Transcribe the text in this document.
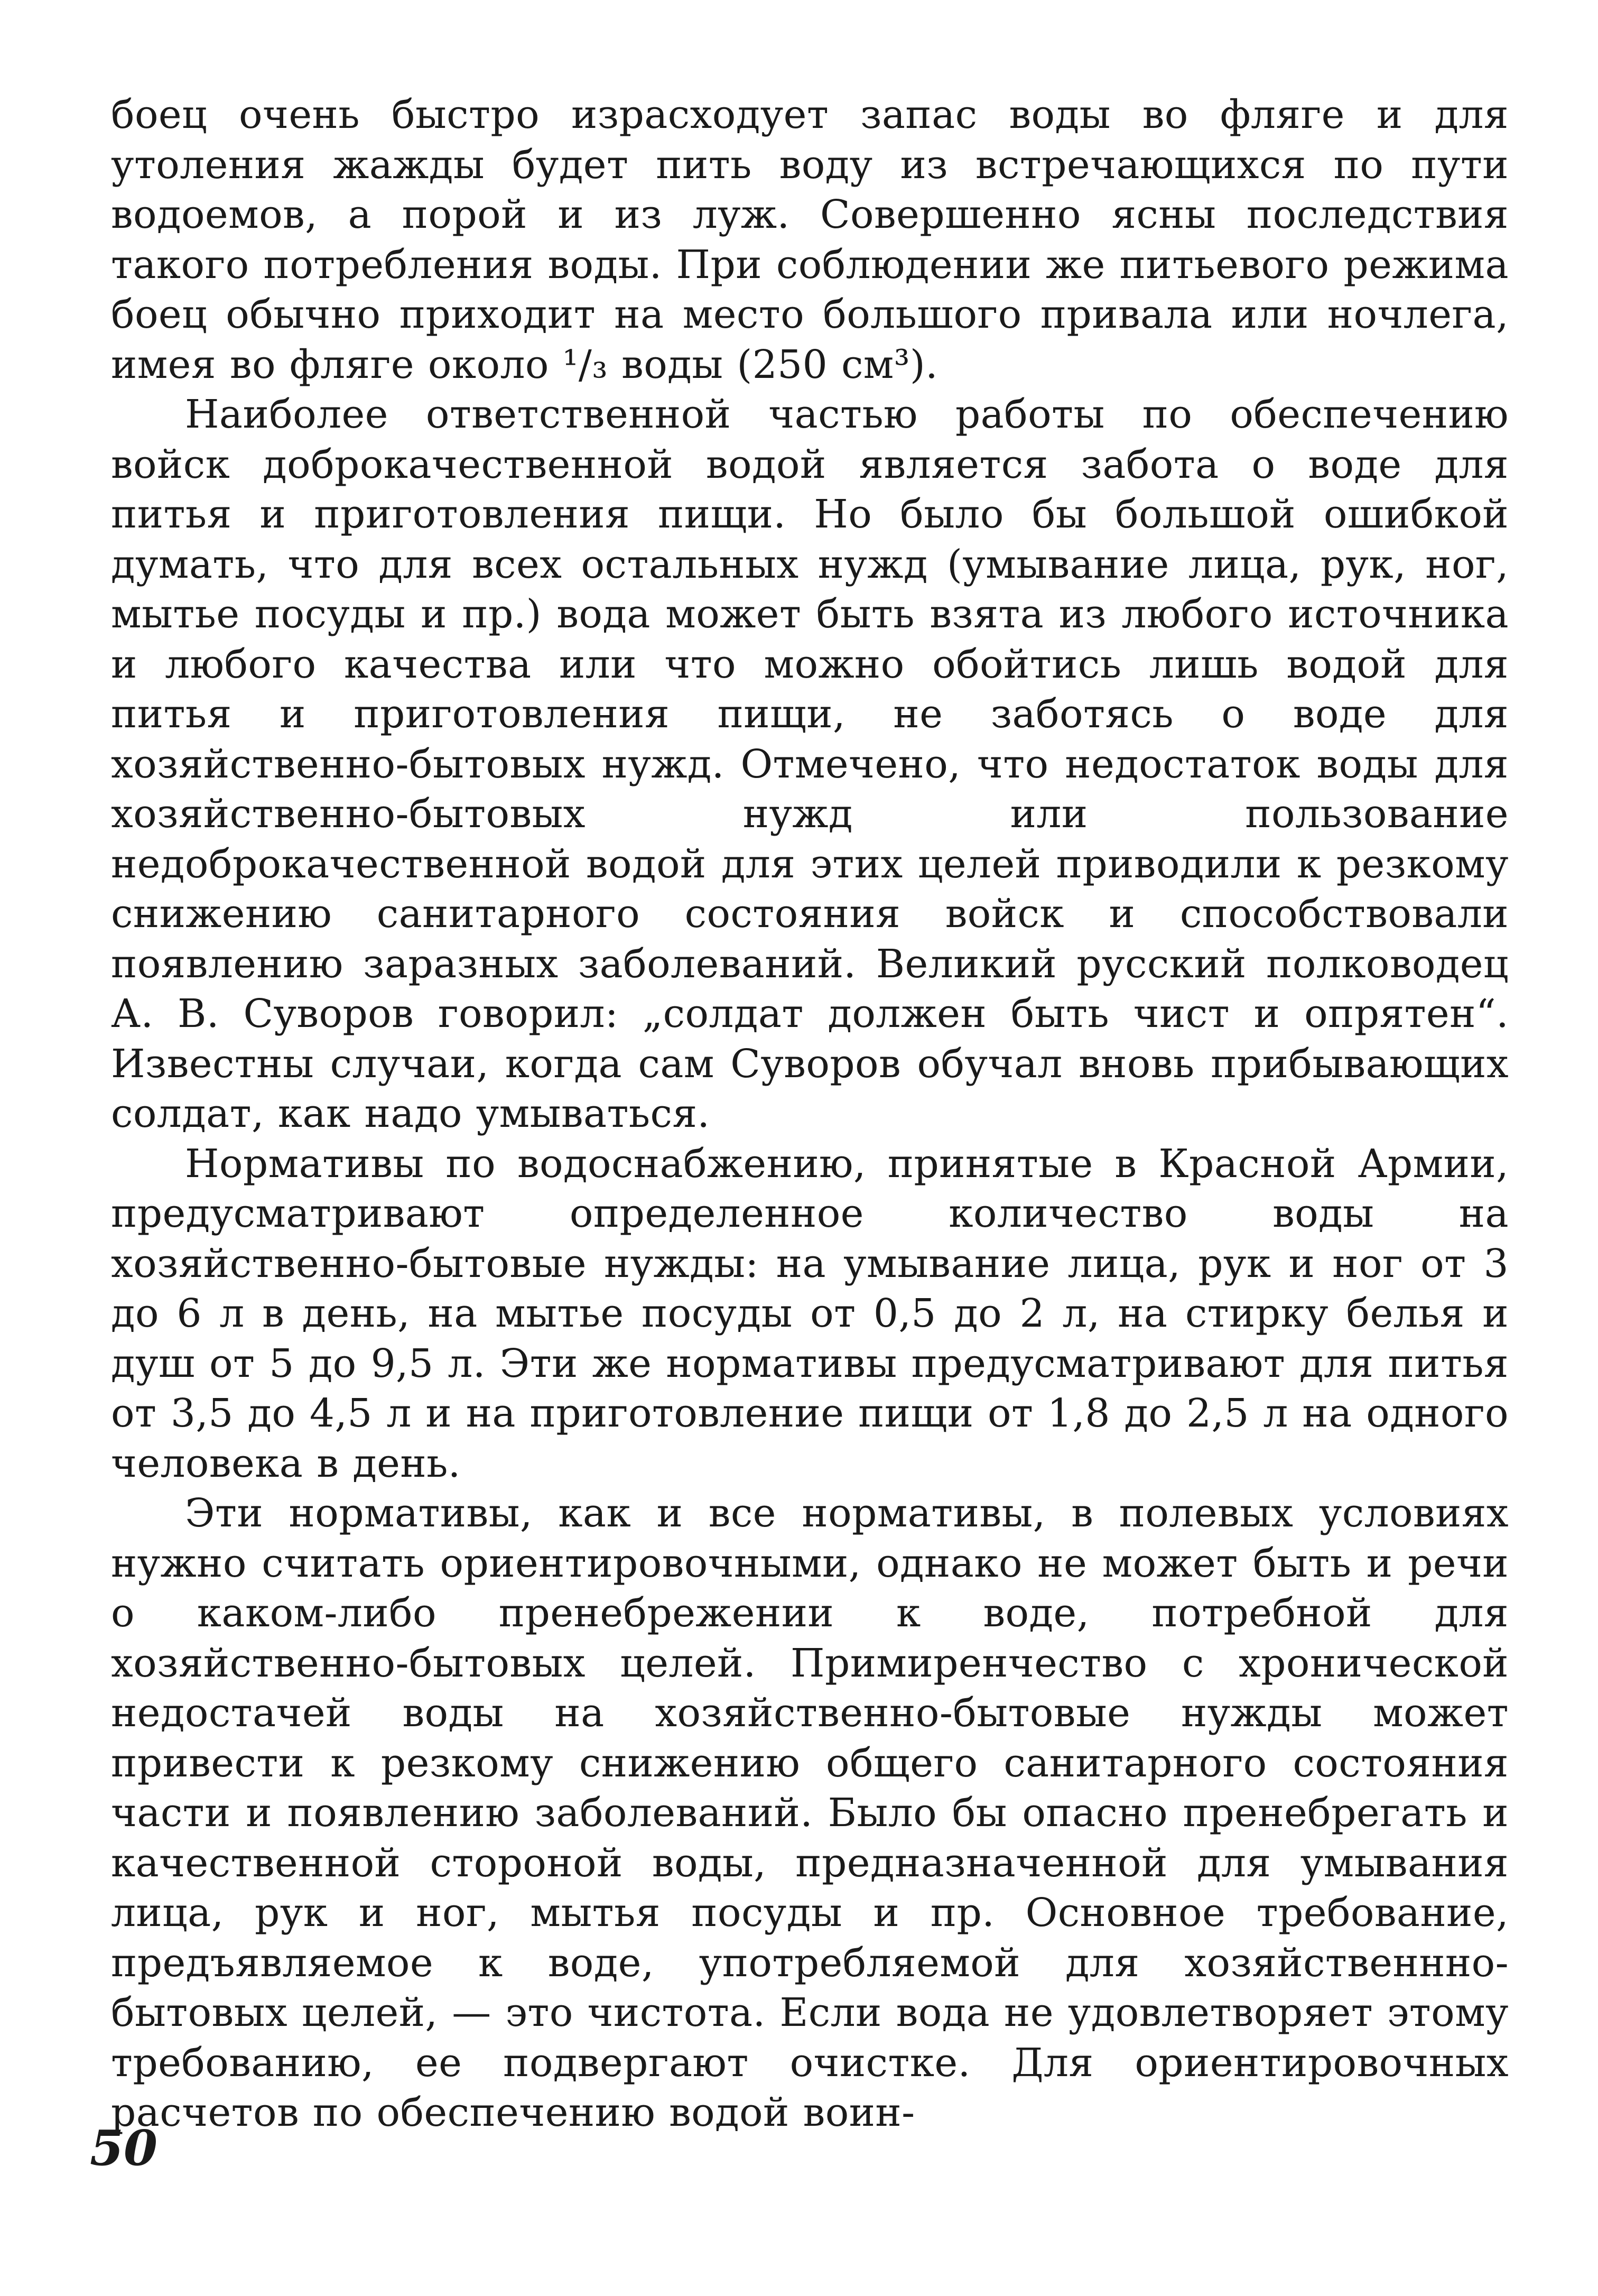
боец очень быстро израсходует запас воды во фляге и для утоления жажды будет пить воду из встречающихся по пути водоемов, а порой и из луж. Совершенно ясны последствия такого потребления воды. При соблюдении же питьевого режима боец обычно приходит на место большого привала или ночлега, имея во фляге около ¹/₃ воды (250 см³).

Наиболее ответственной частью работы по обеспечению войск доброкачественной водой является забота о воде для питья и приготовления пищи. Но было бы большой ошибкой думать, что для всех остальных нужд (умывание лица, рук, ног, мытье посуды и пр.) вода может быть взята из любого источника и любого качества или что можно обойтись лишь водой для питья и приготовления пищи, не заботясь о воде для хозяйственно-бытовых нужд. Отмечено, что недостаток воды для хозяйственно-бытовых нужд или пользование недоброкачественной водой для этих целей приводили к резкому снижению санитарного состояния войск и способствовали появлению заразных заболеваний. Великий русский полководец А. В. Суворов говорил: „солдат должен быть чист и опрятен“. Известны случаи, когда сам Суворов обучал вновь прибывающих солдат, как надо умываться.

Нормативы по водоснабжению, принятые в Красной Армии, предусматривают определенное количество воды на хозяйственно-бытовые нужды: на умывание лица, рук и ног от 3 до 6 л в день, на мытье посуды от 0,5 до 2 л, на стирку белья и душ от 5 до 9,5 л. Эти же нормативы предусматривают для питья от 3,5 до 4,5 л и на приготовление пищи от 1,8 до 2,5 л на одного человека в день.

Эти нормативы, как и все нормативы, в полевых условиях нужно считать ориентировочными, однако не может быть и речи о каком-либо пренебрежении к воде, потребной для хозяйственно-бытовых целей. Примиренчество с хронической недостачей воды на хозяйственно-бытовые нужды может привести к резкому снижению общего санитарного состояния части и появлению заболеваний. Было бы опасно пренебрегать и качественной стороной воды, предназначенной для умывания лица, рук и ног, мытья посуды и пр. Основное требование, предъявляемое к воде, употребляемой для хозяйственнно-бытовых целей, — это чистота. Если вода не удовлетворяет этому требованию, ее подвергают очистке. Для ориентировочных расчетов по обеспечению водой воин-

50
